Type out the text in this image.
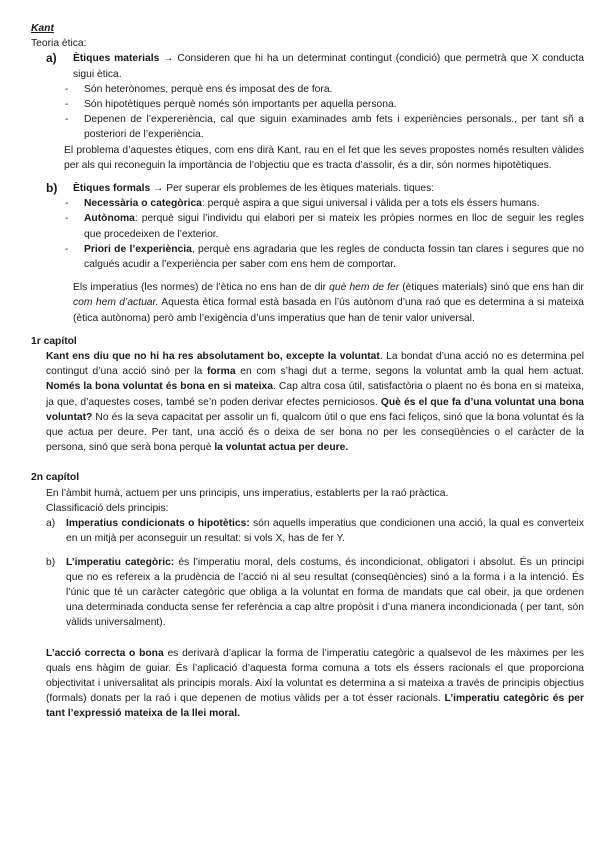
Kant
Teoria ètica:
a)	Ètiques materials → Consideren que hi ha un determinat contingut (condició) que permetrà que X conducta sigui ètica.
-	Són heterònomes, perquè ens és imposat des de fora.
-	Són hipotètiques perquè només són importants per aquella persona.
-	Depenen de l’expereriència, cal que siguin examinades amb fets i experiències personals., per tant sñ a posteriori de l’experiència.
El problema d’aquestes ètiques, com ens dirà Kant, rau en el fet que les seves propostes només resulten vàlides per als qui reconeguin la importància de l’objectiu que es tracta d’assolir, és a dir, són normes hipotètiques.
b)	Ètiques formals → Per superar els problemes de les ètiques materials. tiques:
-	Necessària o categòrica: perquè aspira a que sigui universal i vàlida per a tots els éssers humans.
-	Autònoma: perquè sigui l’individu qui elabori per si mateix les pròpies normes en lloc de seguir les regles que procedeixen de l’exterior.
-	Priori de l’experiència, perquè ens agradaria que les regles de conducta fossin tan clares i segures que no calgués acudir a l’experiència per saber com ens hem de comportar.
Els imperatius (les normes) de l’ètica no ens han de dir què hem de fer (ètiques materials) sinó que ens han dir com hem d’actuar. Aquesta ètica formal està basada en l’ús autònom d’una raó que es determina a si mateixa (ètica autònoma) però amb l’exigència d’uns imperatius que han de tenir valor universal.
1r capítol
Kant ens diu que no hi ha res absolutament bo, excepte la voluntat. La bondat d’una acció no es determina pel contingut d’una acció sinó per la forma en com s’hagi dut a terme, segons la voluntat amb la qual hem actuat. Només la bona voluntat és bona en si mateixa. Cap altra cosa útil, satisfactòria o plaent no és bona en si mateixa, ja que, d’aquestes coses, també se’n poden derivar efectes perniciosos. Què és el que fa d’una voluntat una bona voluntat? No és la seva capacitat per assolir un fi, qualcom útil o que ens faci feliços, sinó que la bona voluntat és la que actua per deure. Per tant, una acció és o deixa de ser bona no per les conseqüències o el caràcter de la persona, sinó que serà bona perquè la voluntat actua per deure.
2n capítol
En l’àmbit humà, actuem per uns principis, uns imperatius, establerts per la raó pràctica.
Classificació dels principis:
a)	Imperatius condicionats o hipotètics: són aquells imperatius que condicionen una acció, la qual es converteix en un mitjà per aconseguir un resultat: si vols X, has de fer Y.
b)	L’imperatiu categòric: és l’imperatiu moral, dels costums, és incondicionat, obligatori i absolut. És un principi que no es refereix a la prudència de l’acció ni al seu resultat (conseqüències) sinó a la forma i a la intenció. És l’únic que té un caràcter categòric que obliga a la voluntat en forma de mandats que cal obeir, ja que ordenen una determinada conducta sense fer referència a cap altre propòsit i d’una manera incondicionada ( per tant, són vàlids universalment).
L’acció correcta o bona es derivarà d’aplicar la forma de l’imperatiu categòric a qualsevol de les màximes per les quals ens hàgim de guiar. És l’aplicació d’aquesta forma comuna a tots els éssers racionals el que proporciona objectivitat i universalitat als principis morals. Així la voluntat es determina a si mateixa a través de principis objectius (formals) donats per la raó i que depenen de motius vàlids per a tot ésser racionals. L’imperatiu categòric és per tant l’expressió mateixa de la llei moral.
